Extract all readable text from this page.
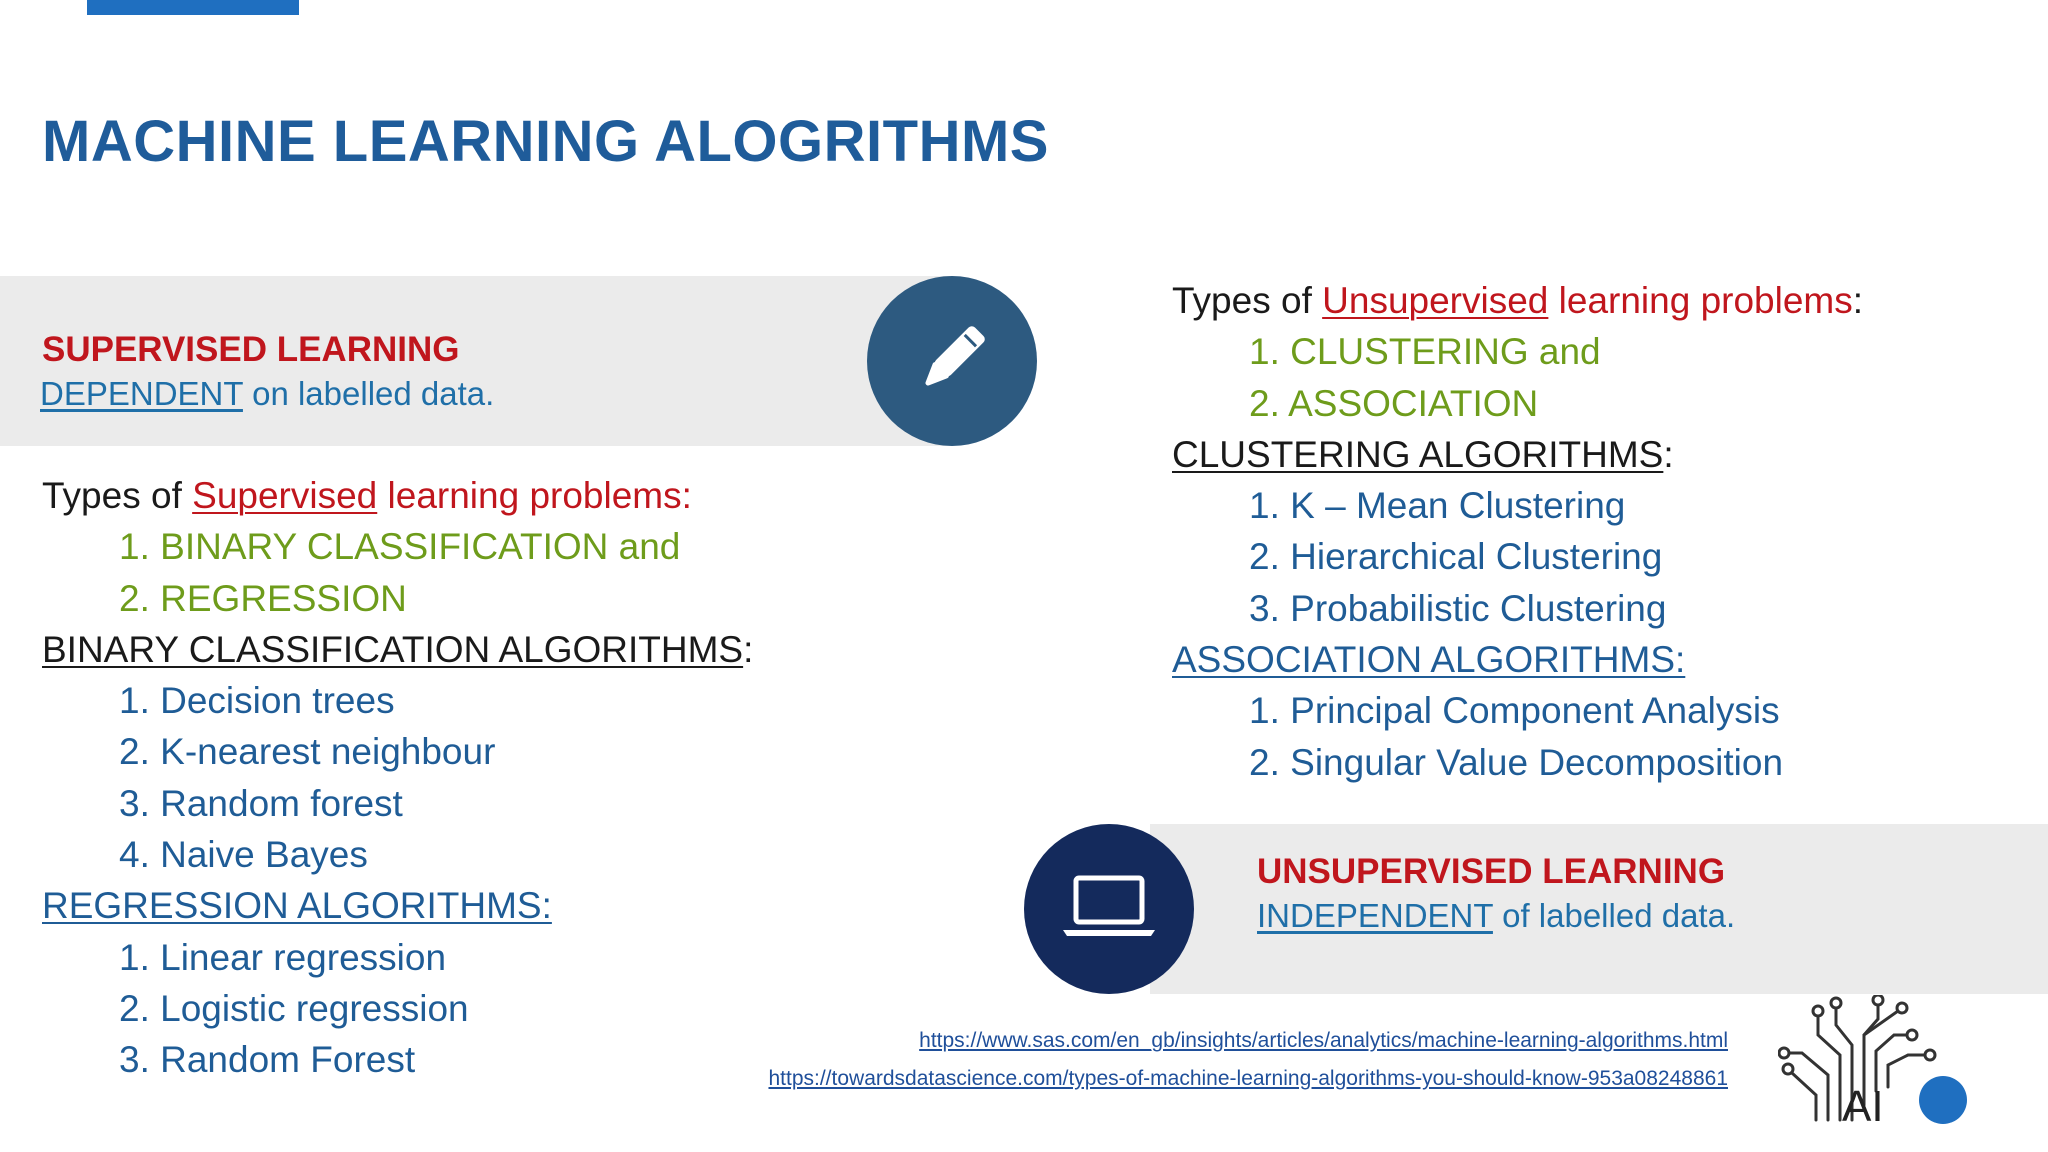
MACHINE LEARNING ALOGRITHMS
SUPERVISED LEARNING
DEPENDENT on labelled data.
Types of Supervised learning problems:
1. BINARY CLASSIFICATION and
2. REGRESSION
BINARY CLASSIFICATION ALGORITHMS:
1. Decision trees
2. K-nearest neighbour
3. Random forest
4. Naive Bayes
REGRESSION ALGORITHMS:
1. Linear regression
2. Logistic regression
3. Random Forest
Types of Unsupervised learning problems:
1. CLUSTERING and
2. ASSOCIATION
CLUSTERING ALGORITHMS:
1. K – Mean Clustering
2. Hierarchical Clustering
3. Probabilistic Clustering
ASSOCIATION ALGORITHMS:
1. Principal Component Analysis
2. Singular Value Decomposition
UNSUPERVISED LEARNING
INDEPENDENT of labelled data.
https://www.sas.com/en_gb/insights/articles/analytics/machine-learning-algorithms.html
https://towardsdatascience.com/types-of-machine-learning-algorithms-you-should-know-953a08248861
AI
